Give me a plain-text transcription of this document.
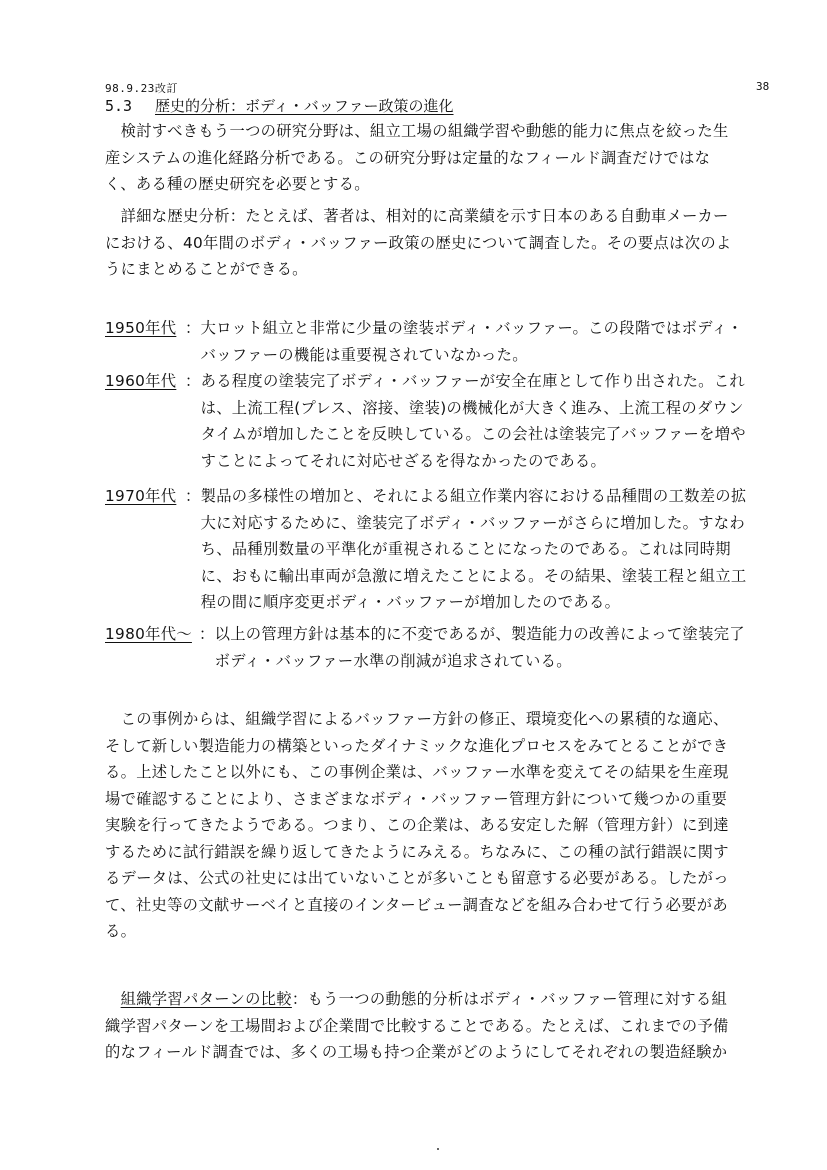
98.9.23改訂	38
5.3 歴史的分析：ボディ・バッファー政策の進化
　検討すべきもう一つの研究分野は、組立工場の組織学習や動態的能力に焦点を絞った生
産システムの進化経路分析である。この研究分野は定量的なフィールド調査だけではな
く、ある種の歴史研究を必要とする。
　詳細な歴史分析：たとえば、著者は、相対的に高業績を示す日本のある自動車メーカー
における、40年間のボディ・バッファー政策の歴史について調査した。その要点は次のよ
うにまとめることができる。
1950年代 ：大ロット組立と非常に少量の塗装ボディ・バッファー。この段階ではボディ・
　バッファーの機能は重要視されていなかった。
1960年代 ：ある程度の塗装完了ボディ・バッファーが安全在庫として作り出された。これ
　は、上流工程(プレス、溶接、塗装)の機械化が大きく進み、上流工程のダウン
　タイムが増加したことを反映している。この会社は塗装完了バッファーを増や
　すことによってそれに対応せざるを得なかったのである。
1970年代 ：製品の多様性の増加と、それによる組立作業内容における品種間の工数差の拡
　大に対応するために、塗装完了ボディ・バッファーがさらに増加した。すなわ
　ち、品種別数量の平準化が重視されることになったのである。これは同時期
　に、おもに輸出車両が急激に増えたことによる。その結果、塗装工程と組立工
　程の間に順序変更ボディ・バッファーが増加したのである。
1980年代～ ：以上の管理方針は基本的に不変であるが、製造能力の改善によって塗装完了
　ボディ・バッファー水準の削減が追求されている。
　この事例からは、組織学習によるバッファー方針の修正、環境変化への累積的な適応、
そして新しい製造能力の構築といったダイナミックな進化プロセスをみてとることができ
る。上述したこと以外にも、この事例企業は、バッファー水準を変えてその結果を生産現
場で確認することにより、さまざまなボディ・バッファー管理方針について幾つかの重要
実験を行ってきたようである。つまり、この企業は、ある安定した解（管理方針）に到達
するために試行錯誤を繰り返してきたようにみえる。ちなみに、この種の試行錯誤に関す
るデータは、公式の社史には出ていないことが多いことも留意する必要がある。したがっ
て、社史等の文献サーベイと直接のインタービュー調査などを組み合わせて行う必要があ
る。
　組織学習パターンの比較：もう一つの動態的分析はボディ・バッファー管理に対する組
織学習パターンを工場間および企業間で比較することである。たとえば、これまでの予備
的なフィールド調査では、多くの工場も持つ企業がどのようにしてそれぞれの製造経験か
